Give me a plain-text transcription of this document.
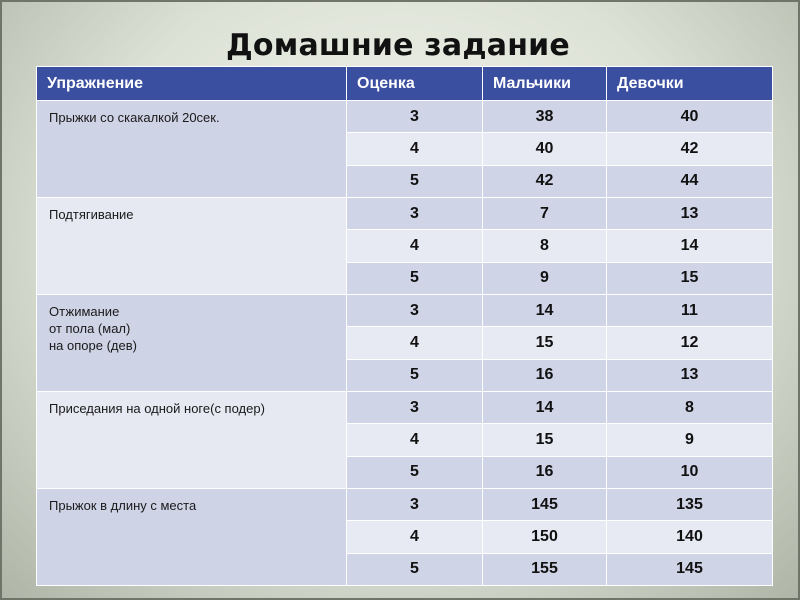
Домашние задание
Упражнение	Оценка	Мальчики	Девочки

Прыжки со скакалкой 20сек.	3	38	40
	4	40	42
	5	42	44

Подтягивание	3	7	13
	4	8	14
	5	9	15

Отжимание
от пола (мал)
на опоре (дев)	3	14	11
	4	15	12
	5	16	13

Приседания на одной ноге(с подер)	3	14	8
	4	15	9
	5	16	10

Прыжок в длину с места	3	145	135
	4	150	140
	5	155	145
